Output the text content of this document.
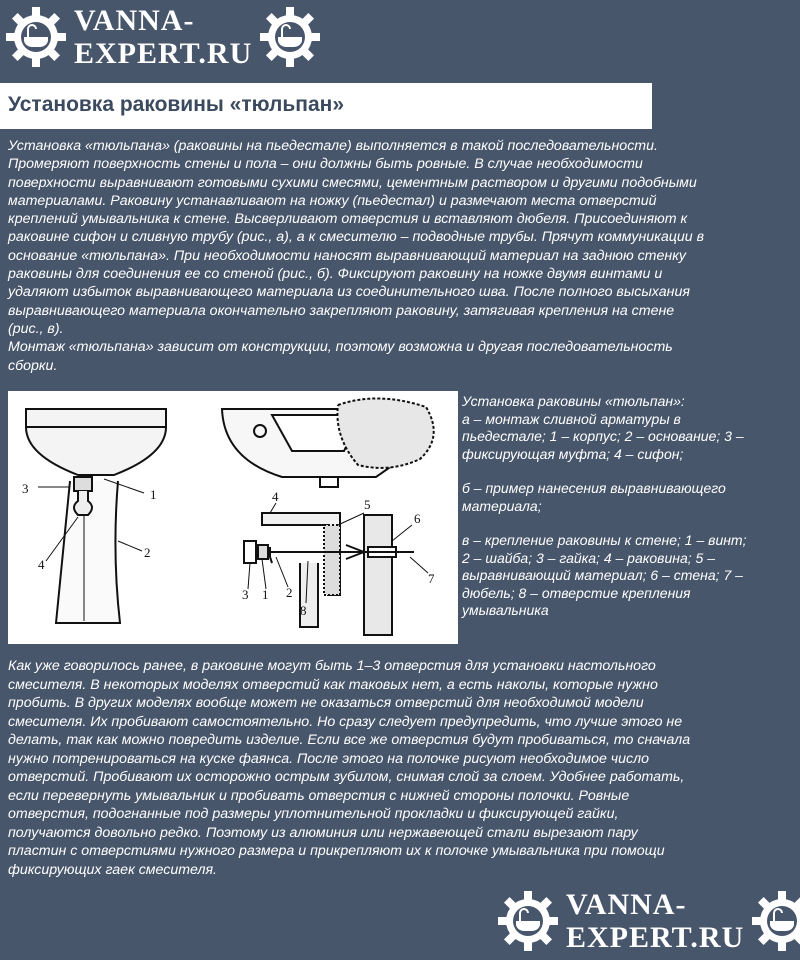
VANNA-
EXPERT.RU
Установка раковины «тюльпан»
Установка «тюльпана» (раковины на пьедестале) выполняется в такой последовательности.
Промеряют поверхность стены и пола – они должны быть ровные. В случае необходимости
поверхности выравнивают готовыми сухими смесями, цементным раствором и другими подобными
материалами. Раковину устанавливают на ножку (пьедестал) и размечают места отверстий
креплений умывальника к стене. Высверливают отверстия и вставляют дюбеля. Присоединяют к
раковине сифон и сливную трубу (рис., а), а к смесителю – подводные трубы. Прячут коммуникации в
основание «тюльпана». При необходимости наносят выравнивающий материал на заднюю стенку
раковины для соединения ее со стеной (рис., б). Фиксируют раковину на ножке двумя винтами и
удаляют избыток выравнивающего материала из соединительного шва. После полного высыхания
выравнивающего материала окончательно закрепляют раковину, затягивая крепления на стене
(рис., в).
Монтаж «тюльпана» зависит от конструкции, поэтому возможна и другая последовательность
сборки.
3	1
4
2
4
5
6
3 1 2
8
7

Установка раковины «тюльпан»:
а – монтаж сливной арматуры в
пьедестале; 1 – корпус; 2 – основание; 3 –
фиксирующая муфта; 4 – сифон;

б – пример нанесения выравнивающего
материала;

в – крепление раковины к стене; 1 – винт;
2 – шайба; 3 – гайка; 4 – раковина; 5 –
выравнивающий материал; 6 – стена; 7 –
дюбель; 8 – отверстие крепления
умывальника

Как уже говорилось ранее, в раковине могут быть 1–3 отверстия для установки настольного
смесителя. В некоторых моделях отверстий как таковых нет, а есть наколы, которые нужно
пробить. В других моделях вообще может не оказаться отверстий для необходимой модели
смесителя. Их пробивают самостоятельно. Но сразу следует предупредить, что лучше этого не
делать, так как можно повредить изделие. Если все же отверстия будут пробиваться, то сначала
нужно потренироваться на куске фаянса. После этого на полочке рисуют необходимое число
отверстий. Пробивают их осторожно острым зубилом, снимая слой за слоем. Удобнее работать,
если перевернуть умывальник и пробивать отверстия с нижней стороны полочки. Ровные
отверстия, подогнанные под размеры уплотнительной прокладки и фиксирующей гайки,
получаются довольно редко. Поэтому из алюминия или нержавеющей стали вырезают пару
пластин с отверстиями нужного размера и прикрепляют их к полочке умывальника при помощи
фиксирующих гаек смесителя.
VANNA-
EXPERT.RU
